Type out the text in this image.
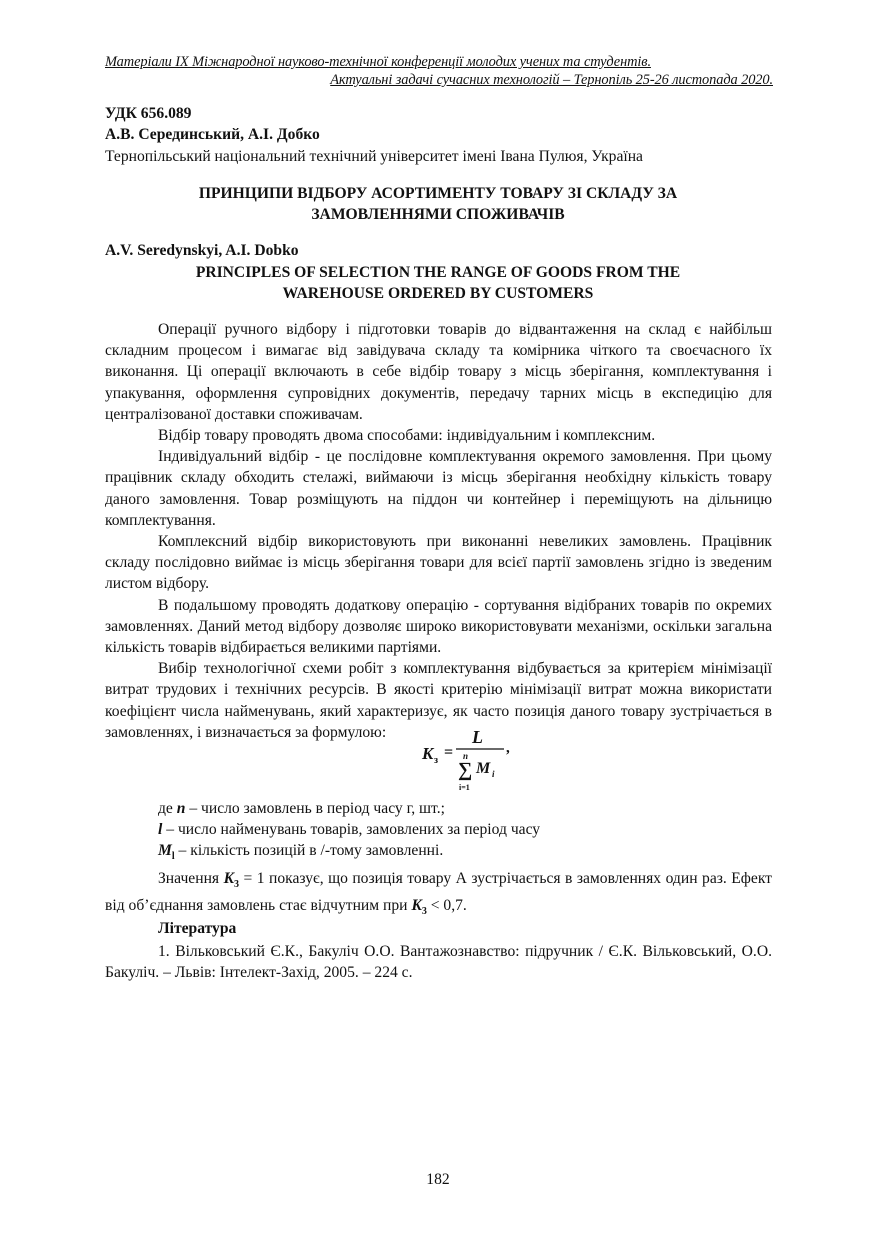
Матеріали ІХ Міжнародної науково-технічної конференції молодих учених та студентів.
Актуальні задачі сучасних технологій – Тернопіль 25-26 листопада 2020.
УДК 656.089
А.В. Серединський, А.І. Добко
Тернопільський національний технічний університет імені Івана Пулюя, Україна
ПРИНЦИПИ ВІДБОРУ АСОРТИМЕНТУ ТОВАРУ ЗІ СКЛАДУ ЗА ЗАМОВЛЕННЯМИ СПОЖИВАЧІВ
A.V. Seredynskyi, A.I. Dobko
PRINCIPLES OF SELECTION THE RANGE OF GOODS FROM THE WAREHOUSE ORDERED BY CUSTOMERS

Операції ручного відбору і підготовки товарів до відвантаження на склад є найбільш складним процесом і вимагає від завідувача складу та комірника чіткого та своєчасного їх виконання. Ці операції включають в себе відбір товару з місць зберігання, комплектування і упакування, оформлення супровідних документів, передачу тарних місць в експедицію для централізованої доставки споживачам.

Відбір товару проводять двома способами: індивідуальним і комплексним.

Індивідуальний відбір - це послідовне комплектування окремого замовлення. При цьому працівник складу обходить стелажі, виймаючи із місць зберігання необхідну кількість товару даного замовлення. Товар розміщують на піддон чи контейнер і переміщують на дільницю комплектування.

Комплексний відбір використовують при виконанні невеликих замовлень. Працівник складу послідовно виймає із місць зберігання товари для всієї партії замовлень згідно із зведеним листом відбору.

В подальшому проводять додаткову операцію - сортування відібраних товарів по окремих замовленнях. Даний метод відбору дозволяє широко використовувати механізми, оскільки загальна кількість товарів відбирається великими партіями.

Вибір технологічної схеми робіт з комплектування відбувається за критерієм мінімізації витрат трудових і технічних ресурсів. В якості критерію мінімізації витрат можна використати коефіцієнт числа найменувань, який характеризує, як часто позиція даного товару зустрічається в замовленнях, і визначається за формулою:

K з =
L
n
∑
i=1
M i
,

де n – число замовлень в період часу г, шт.;

l – число найменувань товарів, замовлених за період часу

$M_l$ – кількість позицій в /-тому замовленні.

Значення $K_3 = 1$ показує, що позиція товару А зустрічається в замовленнях один раз. Ефект від об’єднання замовлень стає відчутним при $K_3 < 0,7$.

Література

1. Вільковський Є.К., Бакуліч О.О. Вантажознавство: підручник / Є.К. Вільковський, О.О. Бакуліч. – Львів: Інтелект-Захід, 2005. – 224 с.

182
